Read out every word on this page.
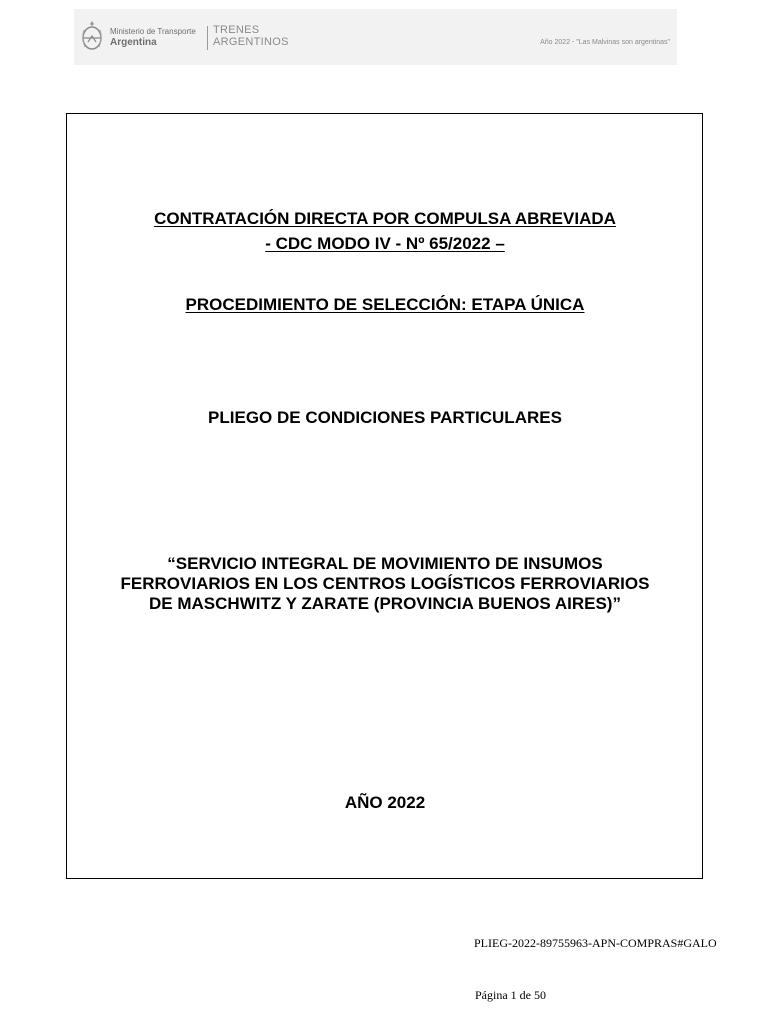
Ministerio de Transporte
Argentina
TRENES
ARGENTINOS	Año 2022 - "Las Malvinas son argentinas"
CONTRATACIÓN DIRECTA POR COMPULSA ABREVIADA
- CDC MODO IV - Nº 65/2022 –
PROCEDIMIENTO DE SELECCIÓN: ETAPA ÚNICA
PLIEGO DE CONDICIONES PARTICULARES
“SERVICIO INTEGRAL DE MOVIMIENTO DE INSUMOS
FERROVIARIOS EN LOS CENTROS LOGÍSTICOS FERROVIARIOS
DE MASCHWITZ Y ZARATE (PROVINCIA BUENOS AIRES)”
AÑO 2022
PLIEG-2022-89755963-APN-COMPRAS#GALO
Página 1 de 50
